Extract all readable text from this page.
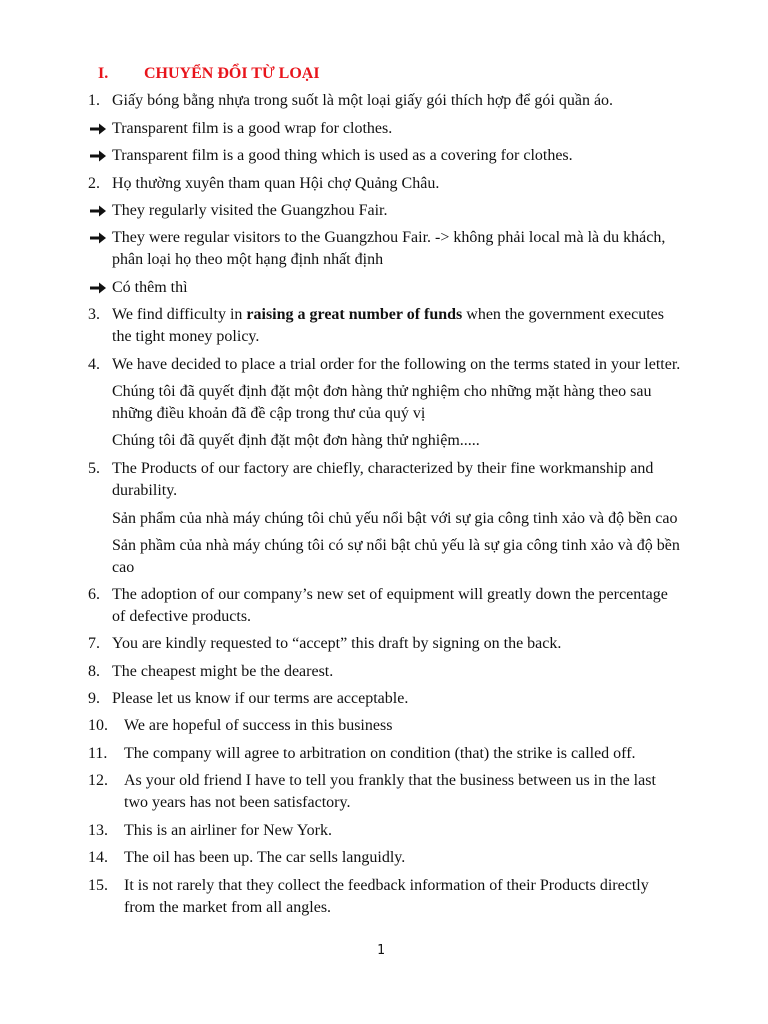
I. CHUYỂN ĐỔI TỪ LOẠI
1. Giấy bóng bằng nhựa trong suốt là một loại giấy gói thích hợp để gói quần áo.
Transparent film is a good wrap for clothes.
Transparent film is a good thing which is used as a covering for clothes.
2. Họ thường xuyên tham quan Hội chợ Quảng Châu.
They regularly visited the Guangzhou Fair.
They were regular visitors to the Guangzhou Fair. -> không phải local mà là du khách,
phân loại họ theo một hạng định nhất định
Có thêm thì
3. We find difficulty in raising a great number of funds when the government executes
the tight money policy.
4. We have decided to place a trial order for the following on the terms stated in your letter.
Chúng tôi đã quyết định đặt một đơn hàng thử nghiệm cho những mặt hàng theo sau
những điều khoản đã đề cập trong thư của quý vị
Chúng tôi đã quyết định đặt một đơn hàng thử nghiệm.....
5. The Products of our factory are chiefly, characterized by their fine workmanship and
durability.
Sản phẩm của nhà máy chúng tôi chủ yếu nổi bật với sự gia công tinh xảo và độ bền cao
Sản phầm của nhà máy chúng tôi có sự nổi bật chủ yếu là sự gia công tinh xảo và độ bền
cao
6. The adoption of our company’s new set of equipment will greatly down the percentage
of defective products.
7. You are kindly requested to “accept” this draft by signing on the back.
8. The cheapest might be the dearest.
9. Please let us know if our terms are acceptable.
10. We are hopeful of success in this business
11. The company will agree to arbitration on condition (that) the strike is called off.
12. As your old friend I have to tell you frankly that the business between us in the last
two years has not been satisfactory.
13. This is an airliner for New York.
14. The oil has been up. The car sells languidly.
15. It is not rarely that they collect the feedback information of their Products directly
from the market from all angles.
1
